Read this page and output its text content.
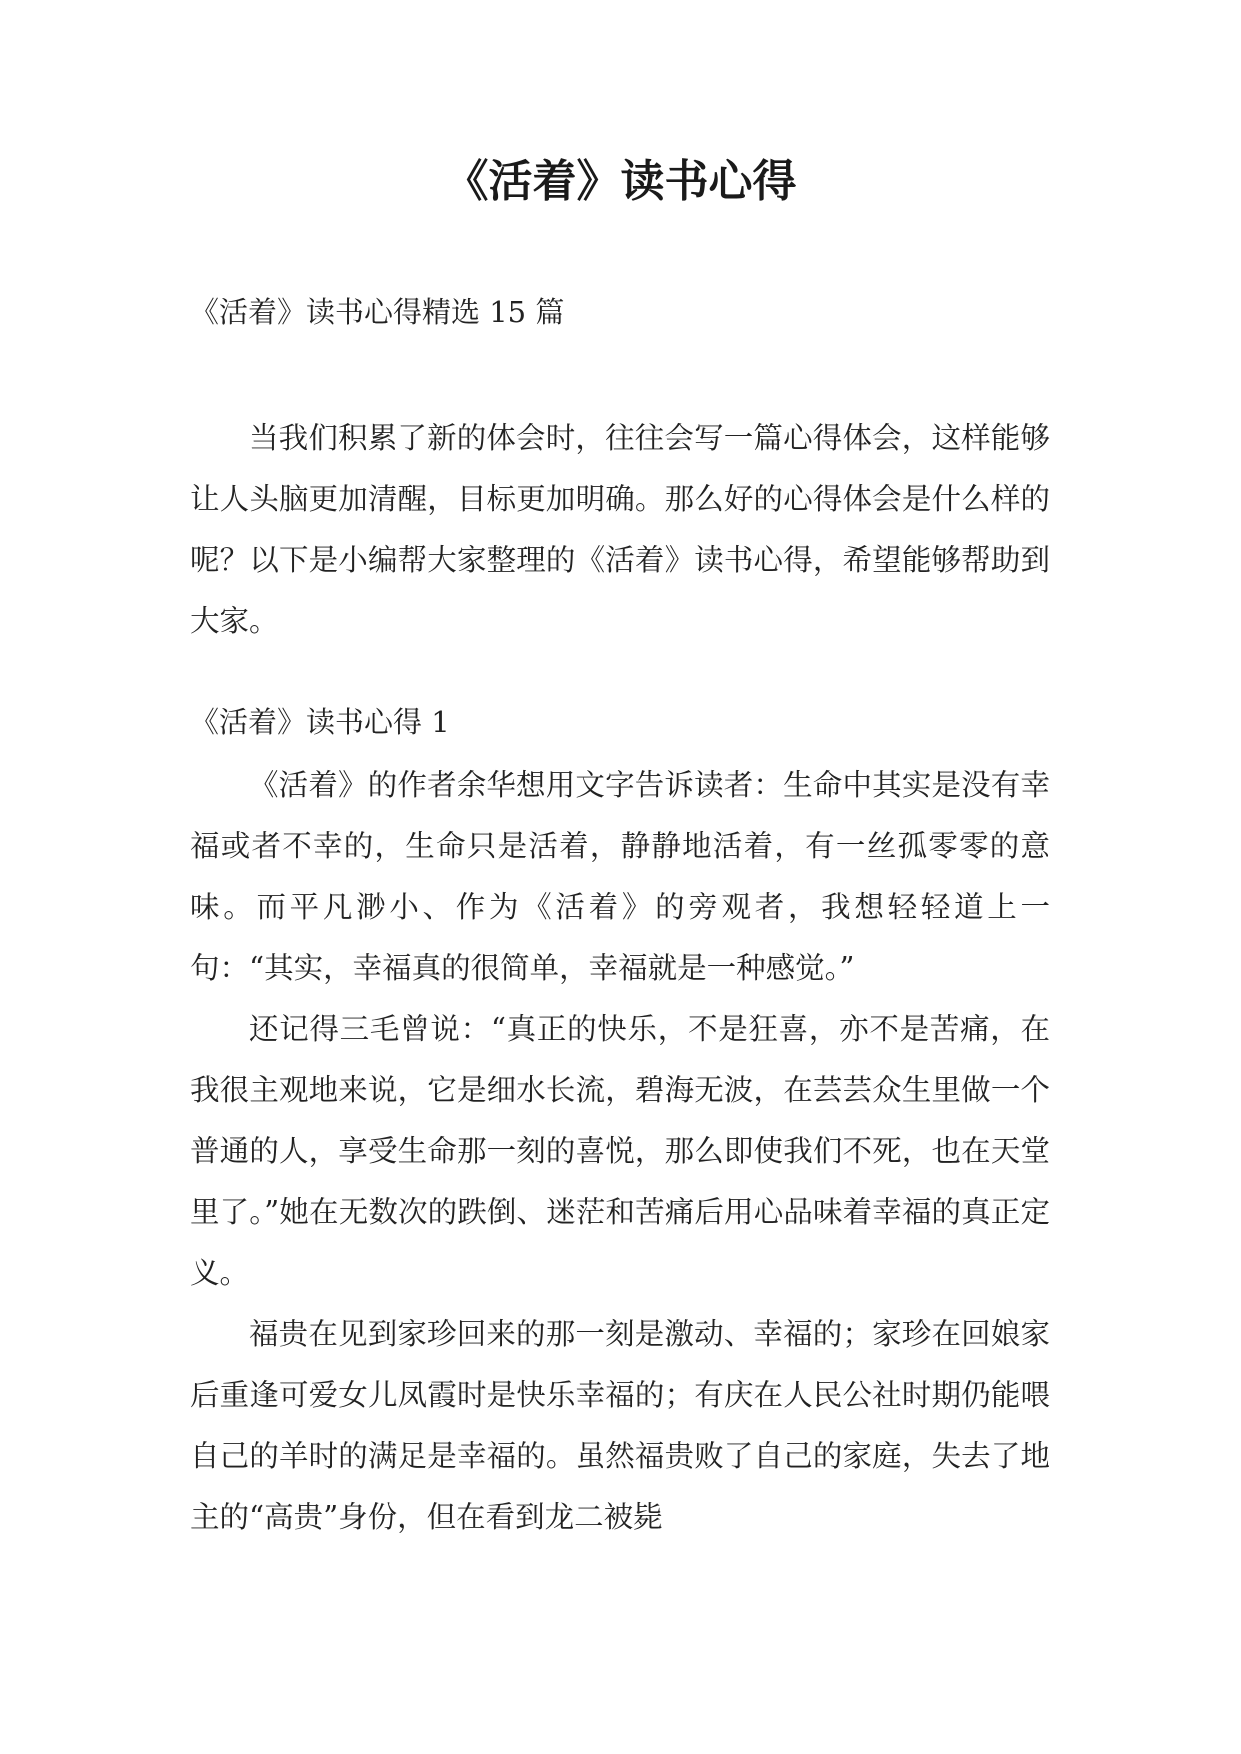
《活着》读书心得

《活着》读书心得精选 15 篇

当我们积累了新的体会时，往往会写一篇心得体会，这样能够让人头脑更加清醒，目标更加明确。那么好的心得体会是什么样的呢？以下是小编帮大家整理的《活着》读书心得，希望能够帮助到大家。

《活着》读书心得 1

《活着》的作者余华想用文字告诉读者：生命中其实是没有幸福或者不幸的，生命只是活着，静静地活着，有一丝孤零零的意味。而平凡渺小、作为《活着》的旁观者，我想轻轻道上一句：“其实，幸福真的很简单，幸福就是一种感觉。”

还记得三毛曾说：“真正的快乐，不是狂喜，亦不是苦痛，在我很主观地来说，它是细水长流，碧海无波，在芸芸众生里做一个普通的人，享受生命那一刻的喜悦，那么即使我们不死，也在天堂里了。”她在无数次的跌倒、迷茫和苦痛后用心品味着幸福的真正定义。

福贵在见到家珍回来的那一刻是激动、幸福的；家珍在回娘家后重逢可爱女儿凤霞时是快乐幸福的；有庆在人民公社时期仍能喂自己的羊时的满足是幸福的。虽然福贵败了自己的家庭，失去了地主的“高贵”身份，但在看到龙二被毙
